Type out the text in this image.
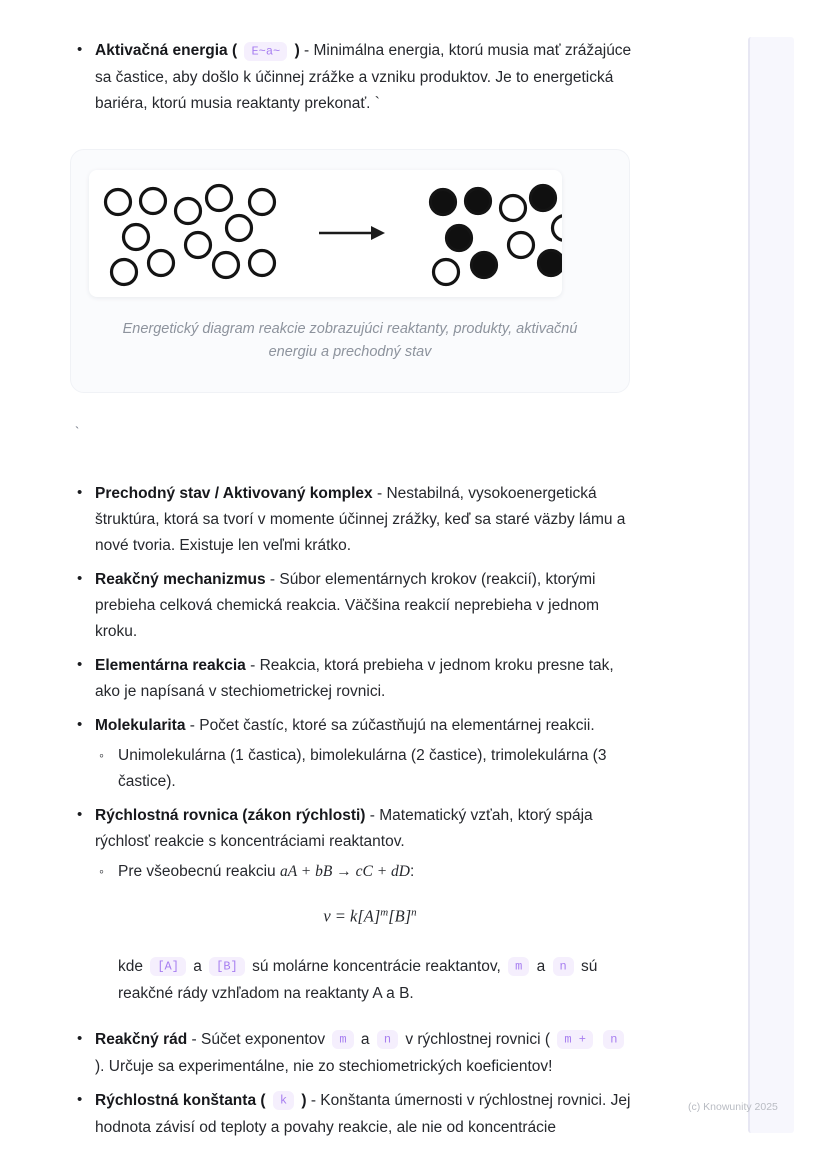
• Aktivačná energia ( E~a~ ) - Minimálna energia, ktorú musia mať zrážajúce sa častice, aby došlo k účinnej zrážke a vzniku produktov. Je to energetická bariéra, ktorú musia reaktanty prekonať. `
Energetický diagram reakcie zobrazujúci reaktanty, produkty, aktivačnú energiu a prechodný stav
`
• Prechodný stav / Aktivovaný komplex - Nestabilná, vysokoenergetická štruktúra, ktorá sa tvorí v momente účinnej zrážky, keď sa staré väzby lámu a nové tvoria. Existuje len veľmi krátko.
• Reakčný mechanizmus - Súbor elementárnych krokov (reakcií), ktorými prebieha celková chemická reakcia. Väčšina reakcií neprebieha v jednom kroku.
• Elementárna reakcia - Reakcia, ktorá prebieha v jednom kroku presne tak, ako je napísaná v stechiometrickej rovnici.
• Molekularita - Počet častíc, ktoré sa zúčastňujú na elementárnej reakcii.
◦ Unimolekulárna (1 častica), bimolekulárna (2 častice), trimolekulárna (3 častice).
• Rýchlostná rovnica (zákon rýchlosti) - Matematický vzťah, ktorý spája rýchlosť reakcie s koncentráciami reaktantov.
◦ Pre všeobecnú reakciu aA + bB → cC + dD:
$v = k[A]^m[B]^n$
kde [A] a [B] sú molárne koncentrácie reaktantov, m a n sú reakčné rády vzhľadom na reaktanty A a B.
• Reakčný rád - Súčet exponentov m a n v rýchlostnej rovnici ( m + n ). Určuje sa experimentálne, nie zo stechiometrických koeficientov!
• Rýchlostná konštanta ( k ) - Konštanta úmernosti v rýchlostnej rovnici. Jej hodnota závisí od teploty a povahy reakcie, ale nie od koncentrácie
(c) Knowunity 2025
